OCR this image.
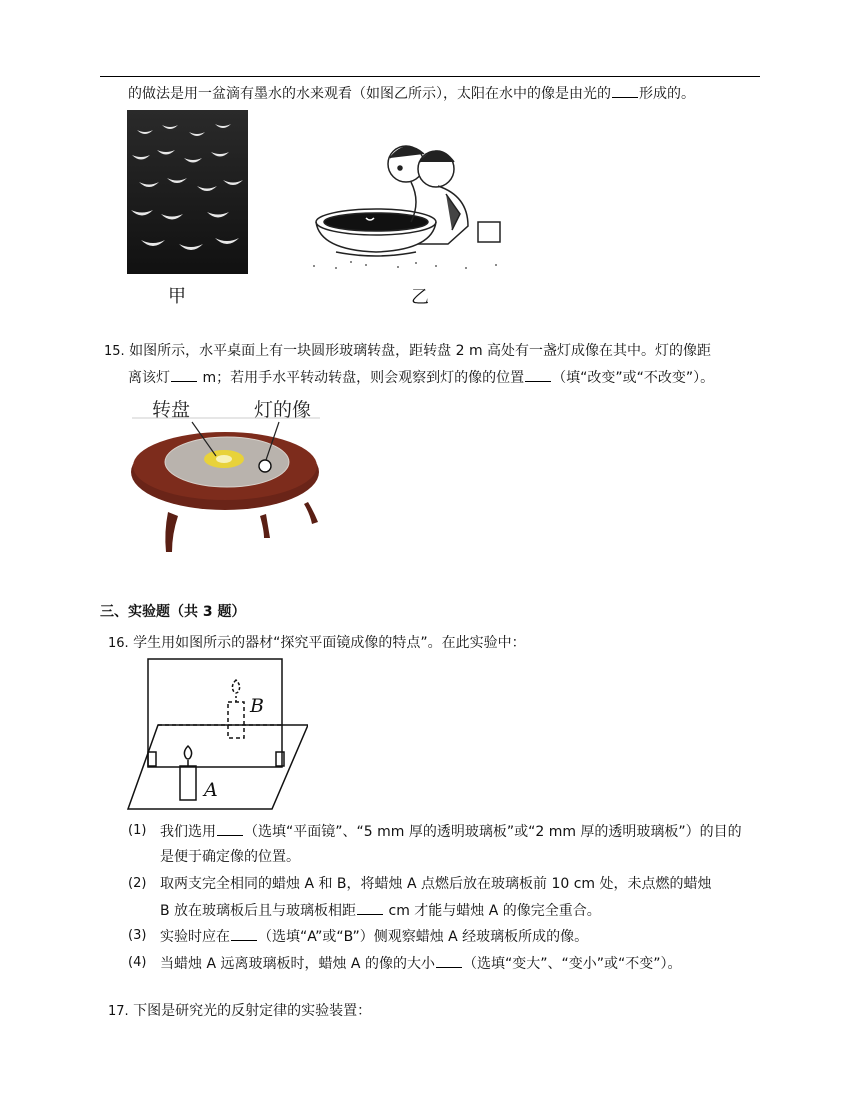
的做法是用一盆滴有墨水的水来观看（如图乙所示），太阳在水中的像是由光的 形成的。
甲	乙
15. 如图所示，水平桌面上有一块圆形玻璃转盘，距转盘 2 m 高处有一盏灯成像在其中。灯的像距
离该灯 m；若用手水平转动转盘，则会观察到灯的像的位置 （填“改变”或“不改变”）。
转盘	灯的像
三、实验题（共 3 题）
16. 学生用如图所示的器材“探究平面镜成像的特点”。在此实验中：
B
A
(1) 我们选用 （选填“平面镜”、“5 mm 厚的透明玻璃板”或“2 mm 厚的透明玻璃板”）的目的
是便于确定像的位置。
(2) 取两支完全相同的蜡烛 A 和 B，将蜡烛 A 点燃后放在玻璃板前 10 cm 处，未点燃的蜡烛
B 放在玻璃板后且与玻璃板相距 cm 才能与蜡烛 A 的像完全重合。
(3) 实验时应在 （选填“A”或“B”）侧观察蜡烛 A 经玻璃板所成的像。
(4) 当蜡烛 A 远离玻璃板时，蜡烛 A 的像的大小 （选填“变大”、“变小”或“不变”）。
17. 下图是研究光的反射定律的实验装置：
